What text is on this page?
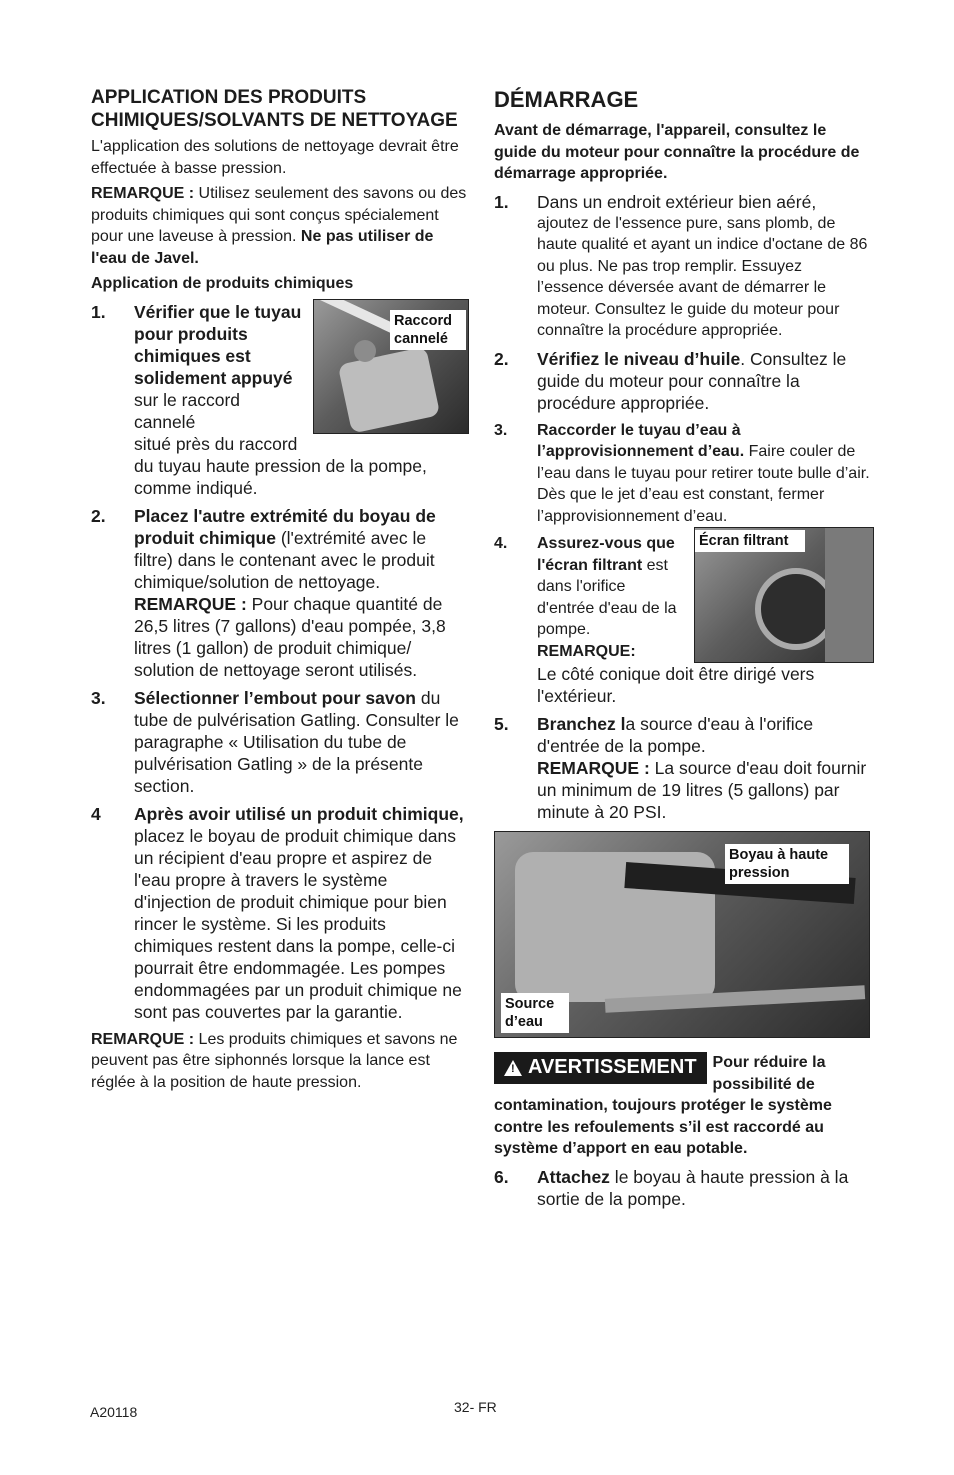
APPLICATION DES PRODUITS CHIMIQUES/SOLVANTS DE NETTOYAGE

L'application des solutions de nettoyage devrait être effectuée à basse pression.

REMARQUE : Utilisez seulement des savons ou des produits chimiques qui sont conçus spécialement pour une laveuse à pression. Ne pas utiliser de l'eau de Javel.

Application de produits chimiques

1.	Raccord cannelé
Vérifier que le tuyau pour produits chimiques est solidement appuyé sur le raccord cannelé
situé près du raccord du tuyau haute pression de la pompe, comme indiqué.
2.	Placez l'autre extrémité du boyau de produit chimique (l'extrémité avec le filtre) dans le contenant avec le produit chimique/solution de nettoyage.
REMARQUE : Pour chaque quantité de 26,5 litres (7 gallons) d'eau pompée, 3,8 litres (1 gallon) de produit chimique/ solution de nettoyage seront utilisés.
3.	Sélectionner l’embout pour savon du tube de pulvérisation Gatling. Consulter le paragraphe « Utilisation du tube de pulvérisation Gatling » de la présente section.
4	Après avoir utilisé un produit chimique, placez le boyau de produit chimique dans un récipient d'eau propre et aspirez de l'eau propre à travers le système d'injection de produit chimique pour bien rincer le système. Si les produits chimiques restent dans la pompe, celle-ci pourrait être endommagée. Les pompes endommagées par un produit chimique ne sont pas couvertes par la garantie.

REMARQUE : Les produits chimiques et savons ne peuvent pas être siphonnés lorsque la lance est réglée à la position de haute pression.

DÉMARRAGE

Avant de démarrage, l'appareil, consultez le guide du moteur pour connaître la procédure de démarrage appropriée.

1.	Dans un endroit extérieur bien aéré,
ajoutez de l'essence pure, sans plomb, de haute qualité et ayant un indice d'octane de 86 ou plus. Ne pas trop remplir. Essuyez l’essence déversée avant de démarrer le moteur. Consultez le guide du moteur pour connaître la procédure appropriée.
2.	Vérifiez le niveau d’huile. Consultez le guide du moteur pour connaître la procédure appropriée.
3.	Raccorder le tuyau d’eau à l’approvisionnement d’eau. Faire couler de l’eau dans le tuyau pour retirer toute bulle d’air. Dès que le jet d’eau est constant, fermer l’approvisionnement d’eau.
4.	Écran filtrant
Assurez-vous que l'écran filtrant est dans l'orifice d'entrée d'eau de la pompe.
REMARQUE:
Le côté conique doit être dirigé vers l'extérieur.
5.	Branchez la source d'eau à l'orifice d'entrée de la pompe.
REMARQUE : La source d'eau doit fournir un minimum de 19 litres (5 gallons) par minute à 20 PSI.
Boyau à haute pression
Source d’eau
! AVERTISSEMENT Pour réduire la possibilité de contamination, toujours protéger le système contre les refoulements s’il est raccordé au système d’apport en eau potable.
6.	Attachez le boyau à haute pression à la sortie de la pompe.
A20118	32- FR
